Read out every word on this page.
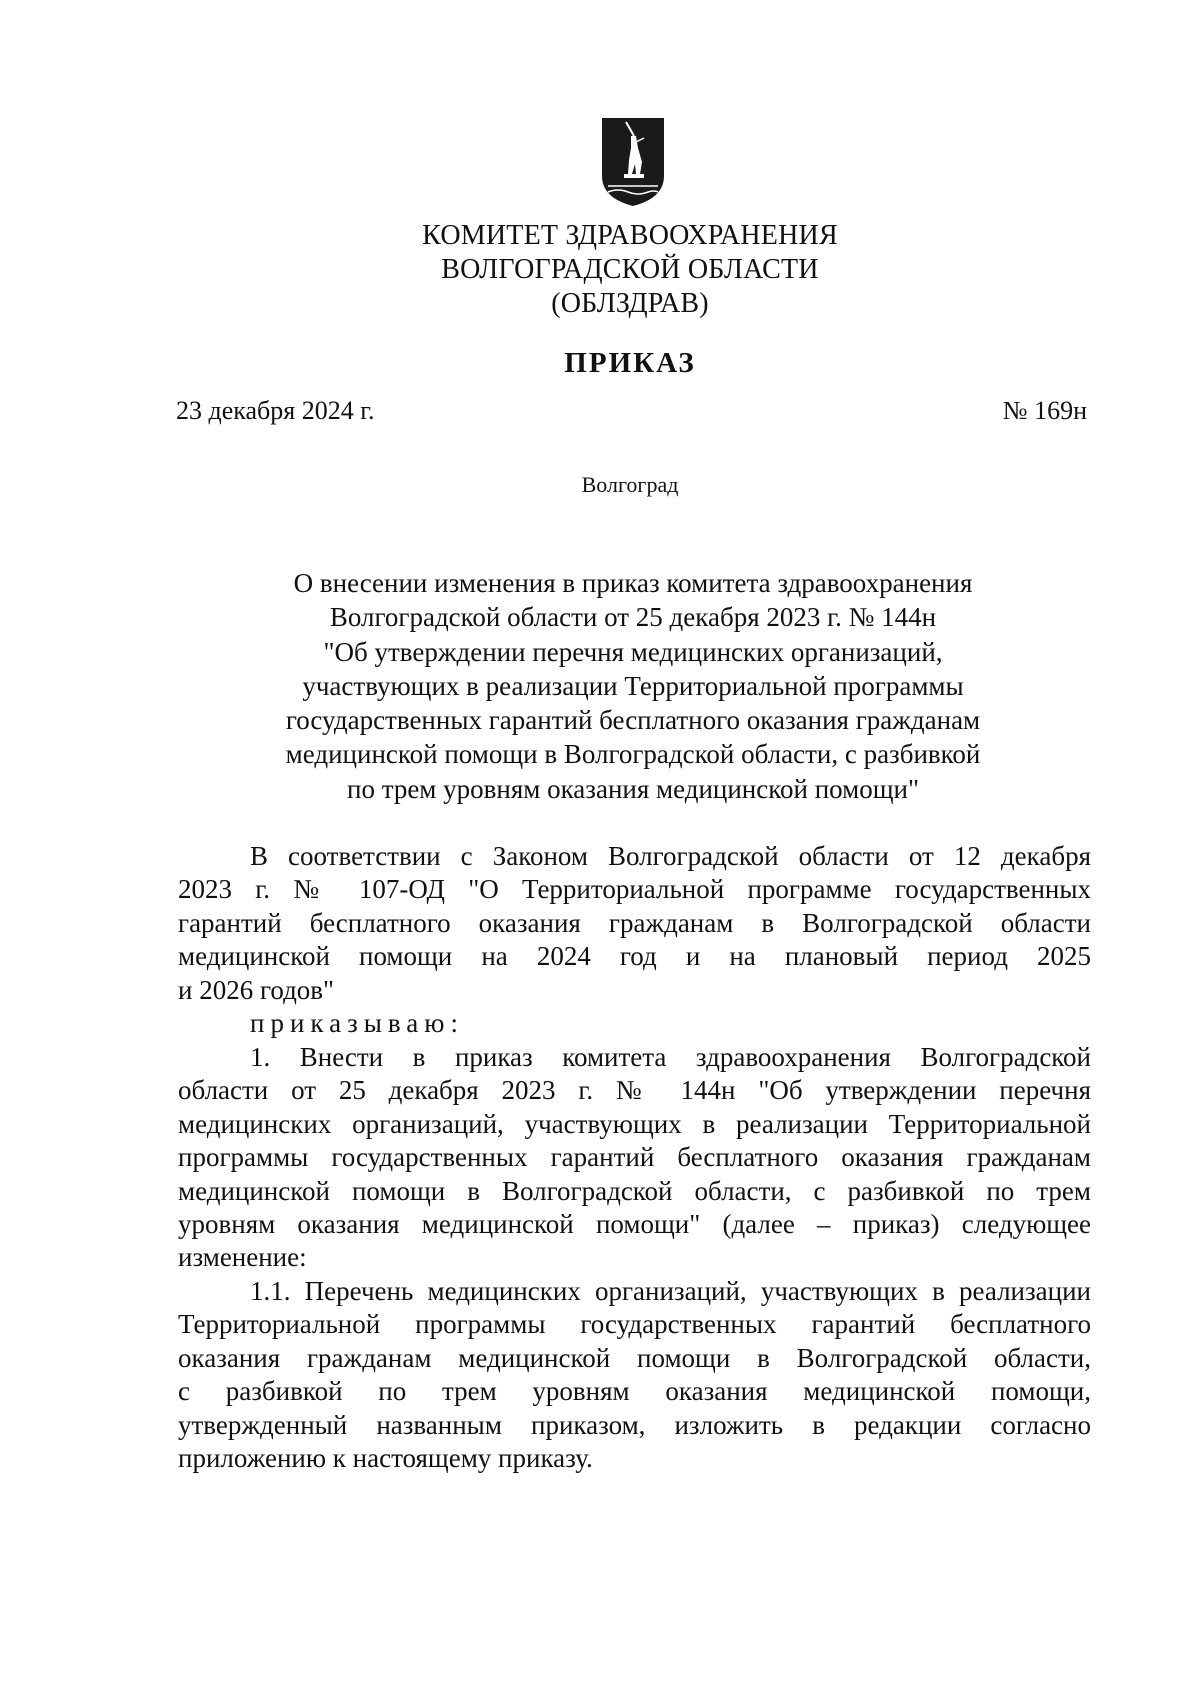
КОМИТЕТ ЗДРАВООХРАНЕНИЯ
ВОЛГОГРАДСКОЙ ОБЛАСТИ
(ОБЛЗДРАВ)
ПРИКАЗ
23 декабря 2024 г.	№ 169н
Волгоград
О внесении изменения в приказ комитета здравоохранения
Волгоградской области от 25 декабря 2023 г. № 144н
"Об утверждении перечня медицинских организаций,
участвующих в реализации Территориальной программы
государственных гарантий бесплатного оказания гражданам
медицинской помощи в Волгоградской области, с разбивкой
по трем уровням оказания медицинской помощи"
В соответствии с Законом Волгоградской области от 12 декабря
2023 г. № 107-ОД "О Территориальной программе государственных
гарантий бесплатного оказания гражданам в Волгоградской области
медицинской помощи на 2024 год и на плановый период 2025
и 2026 годов"
приказываю:
1. Внести в приказ комитета здравоохранения Волгоградской
области от 25 декабря 2023 г. № 144н "Об утверждении перечня
медицинских организаций, участвующих в реализации Территориальной
программы государственных гарантий бесплатного оказания гражданам
медицинской помощи в Волгоградской области, с разбивкой по трем
уровням оказания медицинской помощи" (далее – приказ) следующее
изменение:
1.1. Перечень медицинских организаций, участвующих в реализации
Территориальной программы государственных гарантий бесплатного
оказания гражданам медицинской помощи в Волгоградской области,
с разбивкой по трем уровням оказания медицинской помощи,
утвержденный названным приказом, изложить в редакции согласно
приложению к настоящему приказу.
